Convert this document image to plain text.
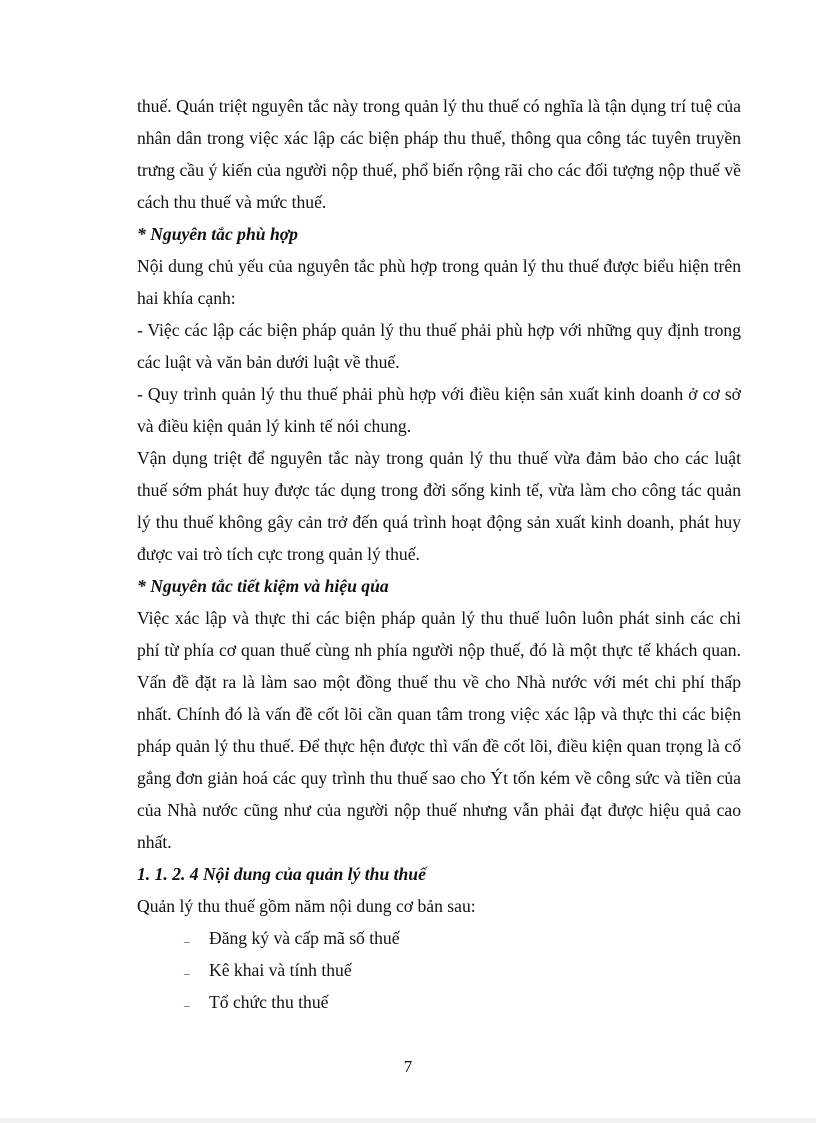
thuế. Quán triệt nguyên tắc này trong quản lý thu thuế có nghĩa là tận dụng trí tuệ của nhân dân trong việc xác lập các biện pháp thu thuế, thông qua công tác tuyên truyền trưng cầu ý kiến của người nộp thuế, phổ biến rộng rãi cho các đối tượng nộp thuế về cách thu thuế và mức thuế.

* Nguyên tắc phù hợp

Nội dung chủ yếu của nguyên tắc phù hợp trong quản lý thu thuế được biểu hiện trên hai khía cạnh:

- Việc các lập các biện pháp quản lý thu thuế phải phù hợp với những quy định trong các luật và văn bản dưới luật về thuế.

- Quy trình quản lý thu thuế phải phù hợp với điều kiện sản xuất kinh doanh ở cơ sở và điều kiện quản lý kinh tế nói chung.

Vận dụng triệt để nguyên tắc này trong quản lý thu thuế vừa đảm bảo cho các luật thuế sớm phát huy được tác dụng trong đời sống kinh tế, vừa làm cho công tác quản lý thu thuế không gây cản trở đến quá trình hoạt động sản xuất kinh doanh, phát huy được vai trò tích cực trong quản lý thuế.

* Nguyên tắc tiết kiệm và hiệu qủa

Việc xác lập và thực thi các biện pháp quản lý thu thuế luôn luôn phát sinh các chi phí từ phía cơ quan thuế cùng nh phía người nộp thuế, đó là một thực tế khách quan. Vấn đề đặt ra là làm sao một đồng thuế thu về cho Nhà nước với mét chi phí thấp nhất. Chính đó là vấn đề cốt lõi cần quan tâm trong việc xác lập và thực thi các biện pháp quản lý thu thuế. Để thực hện được thì vấn đề cốt lõi, điều kiện quan trọng là cố gắng đơn giản hoá các quy trình thu thuế sao cho Ýt tốn kém về công sức và tiền của của Nhà nước cũng như của người nộp thuế nhưng vẫn phải đạt được hiệu quả cao nhất.

1. 1. 2. 4 Nội dung của quản lý thu thuế

Quản lý thu thuế gồm năm nội dung cơ bản sau:

_ Đăng ký và cấp mã số thuế
_ Kê khai và tính thuế
_ Tổ chức thu thuế
7
